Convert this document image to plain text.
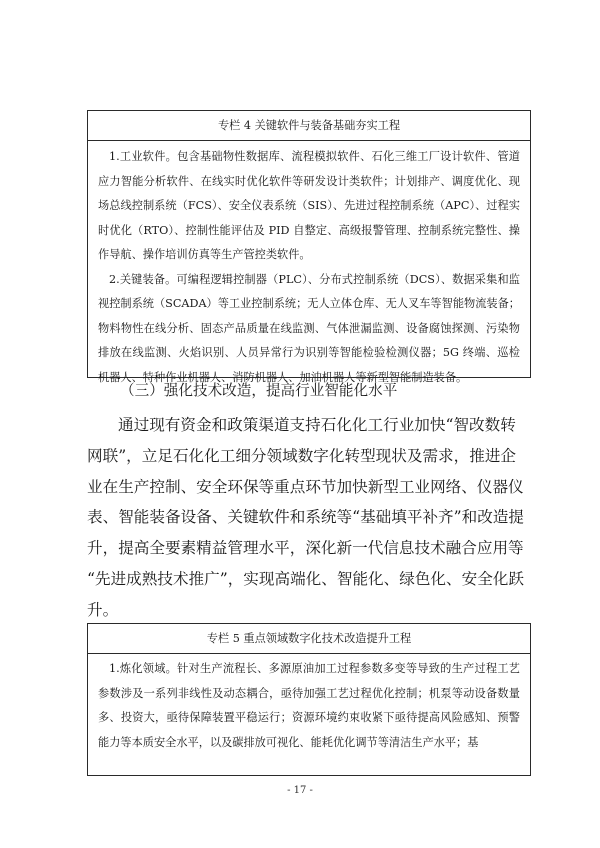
专栏 4 关键软件与装备基础夯实工程

1.工业软件。包含基础物性数据库、流程模拟软件、石化三维工厂设计软件、管道应力智能分析软件、在线实时优化软件等研发设计类软件；计划排产、调度优化、现场总线控制系统（FCS）、安全仪表系统（SIS）、先进过程控制系统（APC）、过程实时优化（RTO）、控制性能评估及 PID 自整定、高级报警管理、控制系统完整性、操作导航、操作培训仿真等生产管控类软件。

2.关键装备。可编程逻辑控制器（PLC）、分布式控制系统（DCS）、数据采集和监视控制系统（SCADA）等工业控制系统；无人立体仓库、无人叉车等智能物流装备；物料物性在线分析、固态产品质量在线监测、气体泄漏监测、设备腐蚀探测、污染物排放在线监测、火焰识别、人员异常行为识别等智能检验检测仪器；5G 终端、巡检机器人、特种作业机器人、消防机器人、加油机器人等新型智能制造装备。

（三）强化技术改造，提高行业智能化水平
通过现有资金和政策渠道支持石化化工行业加快“智改数转
网联”，立足石化化工细分领域数字化转型现状及需求，推进企
业在生产控制、安全环保等重点环节加快新型工业网络、仪器仪
表、智能装备设备、关键软件和系统等“基础填平补齐”和改造提
升，提高全要素精益管理水平，深化新一代信息技术融合应用等
“先进成熟技术推广”，实现高端化、智能化、绿色化、安全化跃
升。
专栏 5 重点领域数字化技术改造提升工程

1.炼化领域。针对生产流程长、多源原油加工过程参数多变等导致的生产过程工艺参数涉及一系列非线性及动态耦合，亟待加强工艺过程优化控制；机泵等动设备数量多、投资大，亟待保障装置平稳运行；资源环境约束收紧下亟待提高风险感知、预警能力等本质安全水平，以及碳排放可视化、能耗优化调节等清洁生产水平；基

- 17 -
